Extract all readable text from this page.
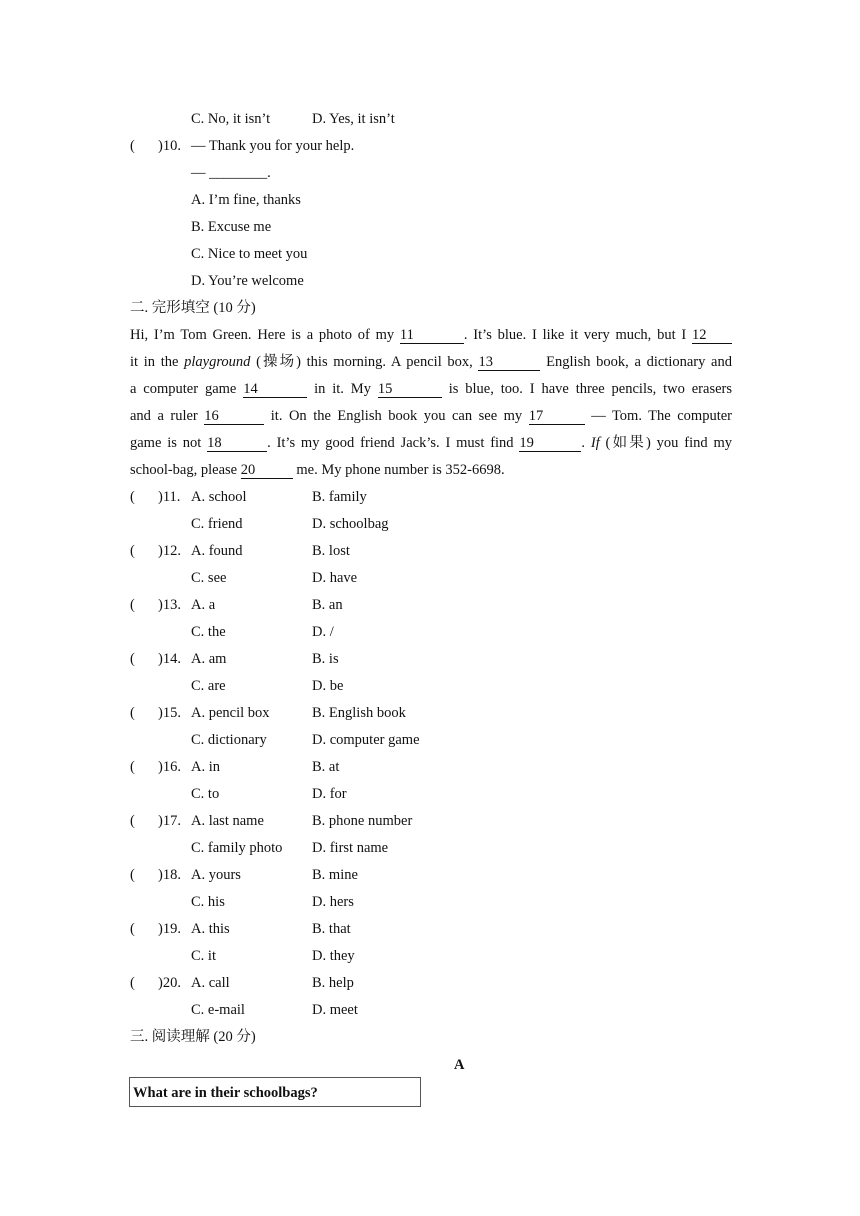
C. No, it isn’t	D. Yes, it isn’t
( )10. — Thank you for your help.
— ________.
A. I’m fine, thanks
B. Excuse me
C. Nice to meet you
D. You’re welcome
二. 完形填空 (10 分)
Hi, I’m Tom Green. Here is a photo of my 11	. It’s blue. I like it very much, but I 12
it in the playground (操场) this morning. A pencil box, 13	English book, a dictionary and
a computer game 14	in it. My 15	is blue, too. I have three pencils, two erasers
and a ruler 16	it. On the English book you can see my 17	— Tom. The computer
game is not 18	. It’s my good friend Jack’s. I must find 19	. If (如果) you find my
school-bag, please 20	me. My phone number is 352-6698.
( )11. A. school	B. family
C. friend	D. schoolbag
( )12. A. found	B. lost
C. see	D. have
( )13. A. a	B. an
C. the	D. /
( )14. A. am	B. is
C. are	D. be
( )15. A. pencil box	B. English book
C. dictionary	D. computer game
( )16. A. in	B. at
C. to	D. for
( )17. A. last name	B. phone number
C. family photo D. first name
( )18. A. yours	B. mine
C. his	D. hers
( )19. A. this	B. that
C. it	D. they
( )20. A. call	B. help
C. e-mail	D. meet
三. 阅读理解 (20 分)
A
What are in their schoolbags?
